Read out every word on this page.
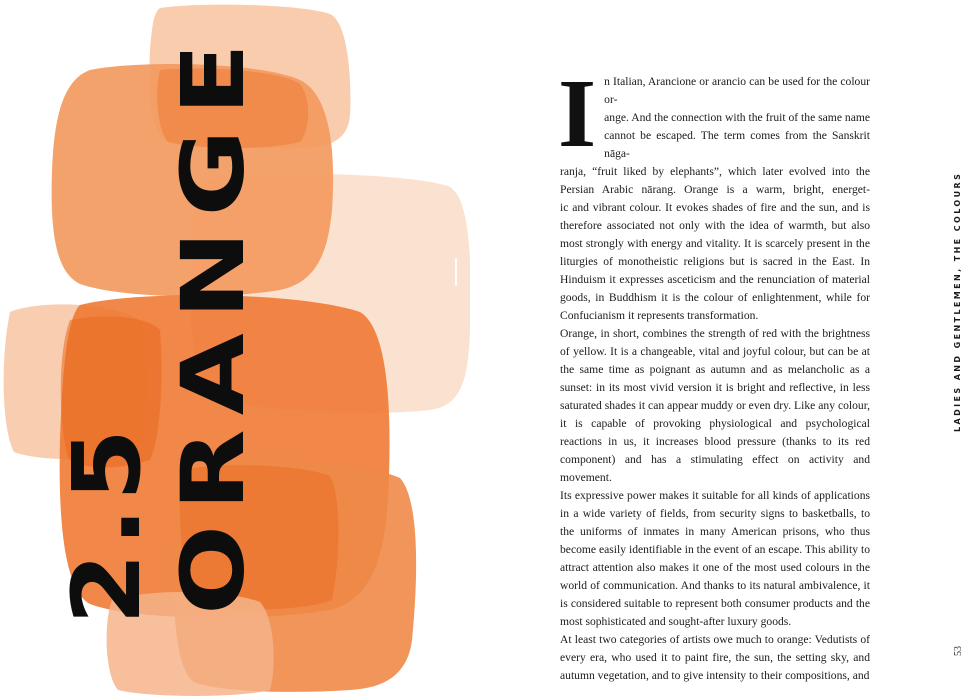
2.5 ORANGE	I n Italian, Arancione or arancio can be used for the colour or-
ange. And the connection with the fruit of the same name
cannot be escaped. The term comes from the Sanskrit nāga-
ranja, “fruit liked by elephants”, which later evolved into the
Persian Arabic nārang. Orange is a warm, bright, energet-

ic and vibrant colour. It evokes shades of fire and the sun, and is therefore associated not only with the idea of warmth, but also most strongly with energy and vitality. It is scarcely present in the liturgies of monotheistic religions but is sacred in the East. In Hinduism it expresses asceticism and the renunciation of material goods, in Buddhism it is the colour of enlightenment, while for Confucianism it represents transformation.

Orange, in short, combines the strength of red with the brightness of yellow. It is a changeable, vital and joyful colour, but can be at the same time as poignant as autumn and as melancholic as a sunset: in its most vivid version it is bright and reflective, in less saturated shades it can appear muddy or even dry. Like any colour, it is capable of provoking physiological and psychological reactions in us, it increases blood pressure (thanks to its red component) and has a stimulating effect on activity and movement.

Its expressive power makes it suitable for all kinds of applications in a wide variety of fields, from security signs to basketballs, to the uniforms of inmates in many American prisons, who thus become easily identifiable in the event of an escape. This ability to attract attention also makes it one of the most used colours in the world of communication. And thanks to its natural ambivalence, it is considered suitable to represent both consumer products and the most sophisticated and sought-after luxury goods.

At least two categories of artists owe much to orange: Vedutists of every era, who used it to paint fire, the sun, the setting sky, and autumn vegetation, and to give intensity to their compositions, and

LADIES AND GENTLEMEN, THE COLOURS
53
